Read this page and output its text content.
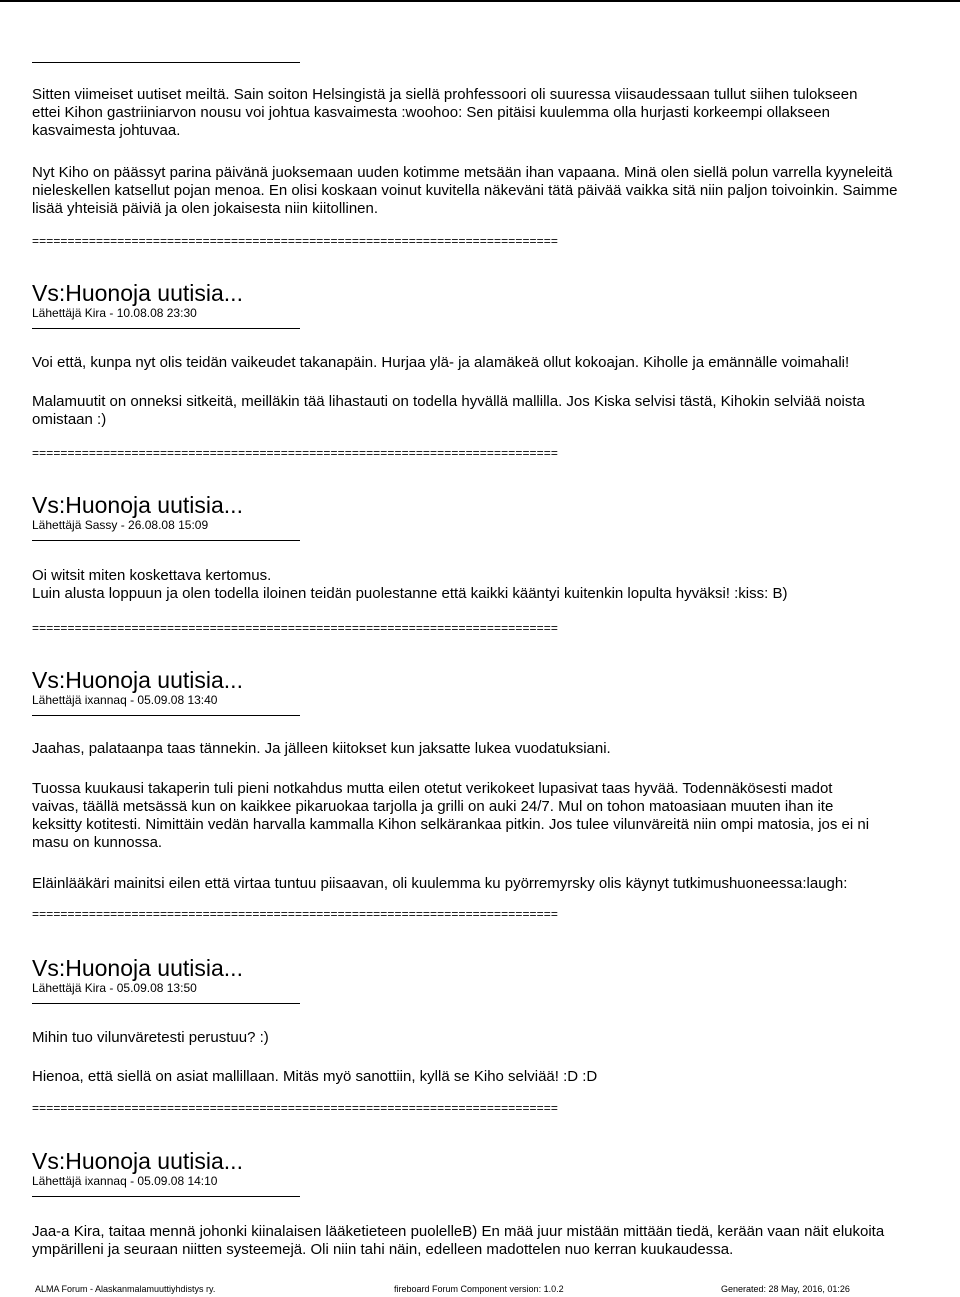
Sitten viimeiset uutiset meiltä. Sain soiton Helsingistä ja siellä prohfessoori oli suuressa viisaudessaan tullut siihen tulokseen
ettei Kihon gastriiniarvon nousu voi johtua kasvaimesta :woohoo: Sen pitäisi kuulemma olla hurjasti korkeempi ollakseen
kasvaimesta johtuvaa.
Nyt Kiho on päässyt parina päivänä juoksemaan uuden kotimme metsään ihan vapaana. Minä olen siellä polun varrella kyyneleitä
nieleskellen katsellut pojan menoa. En olisi koskaan voinut kuvitella näkeväni tätä päivää vaikka sitä niin paljon toivoinkin. Saimme
lisää yhteisiä päiviä ja olen jokaisesta niin kiitollinen.
==========================================================================
Vs:Huonoja uutisia...
Lähettäjä Kira - 10.08.08 23:30
Voi että, kunpa nyt olis teidän vaikeudet takanapäin. Hurjaa ylä- ja alamäkeä ollut kokoajan. Kiholle ja emännälle voimahali!
Malamuutit on onneksi sitkeitä, meilläkin tää lihastauti on todella hyvällä mallilla. Jos Kiska selvisi tästä, Kihokin selviää noista
omistaan :)
==========================================================================
Vs:Huonoja uutisia...
Lähettäjä Sassy - 26.08.08 15:09
Oi witsit miten koskettava kertomus.
Luin alusta loppuun ja olen todella iloinen teidän puolestanne että kaikki kääntyi kuitenkin lopulta hyväksi! :kiss: B)
==========================================================================
Vs:Huonoja uutisia...
Lähettäjä ixannaq - 05.09.08 13:40
Jaahas, palataanpa taas tännekin. Ja jälleen kiitokset kun jaksatte lukea vuodatuksiani.
Tuossa kuukausi takaperin tuli pieni notkahdus mutta eilen otetut verikokeet lupasivat taas hyvää. Todennäkösesti madot
vaivas, täällä metsässä kun on kaikkee pikaruokaa tarjolla ja grilli on auki 24/7. Mul on tohon matoasiaan muuten ihan ite
keksitty kotitesti. Nimittäin vedän harvalla kammalla Kihon selkärankaa pitkin. Jos tulee vilunväreitä niin ompi matosia, jos ei ni
masu on kunnossa.
Eläinlääkäri mainitsi eilen että virtaa tuntuu piisaavan, oli kuulemma ku pyörremyrsky olis käynyt tutkimushuoneessa:laugh:
==========================================================================
Vs:Huonoja uutisia...
Lähettäjä Kira - 05.09.08 13:50
Mihin tuo vilunväretesti perustuu? :)
Hienoa, että siellä on asiat mallillaan. Mitäs myö sanottiin, kyllä se Kiho selviää! :D :D
==========================================================================
Vs:Huonoja uutisia...
Lähettäjä ixannaq - 05.09.08 14:10
Jaa-a Kira, taitaa mennä johonki kiinalaisen lääketieteen puolelleB) En mää juur mistään mittään tiedä, kerään vaan näit elukoita
ympärilleni ja seuraan niitten systeemejä. Oli niin tahi näin, edelleen madottelen nuo kerran kuukaudessa.
ALMA Forum - Alaskanmalamuuttiyhdistys ry.	fireboard Forum Component version: 1.0.2	Generated: 28 May, 2016, 01:26
